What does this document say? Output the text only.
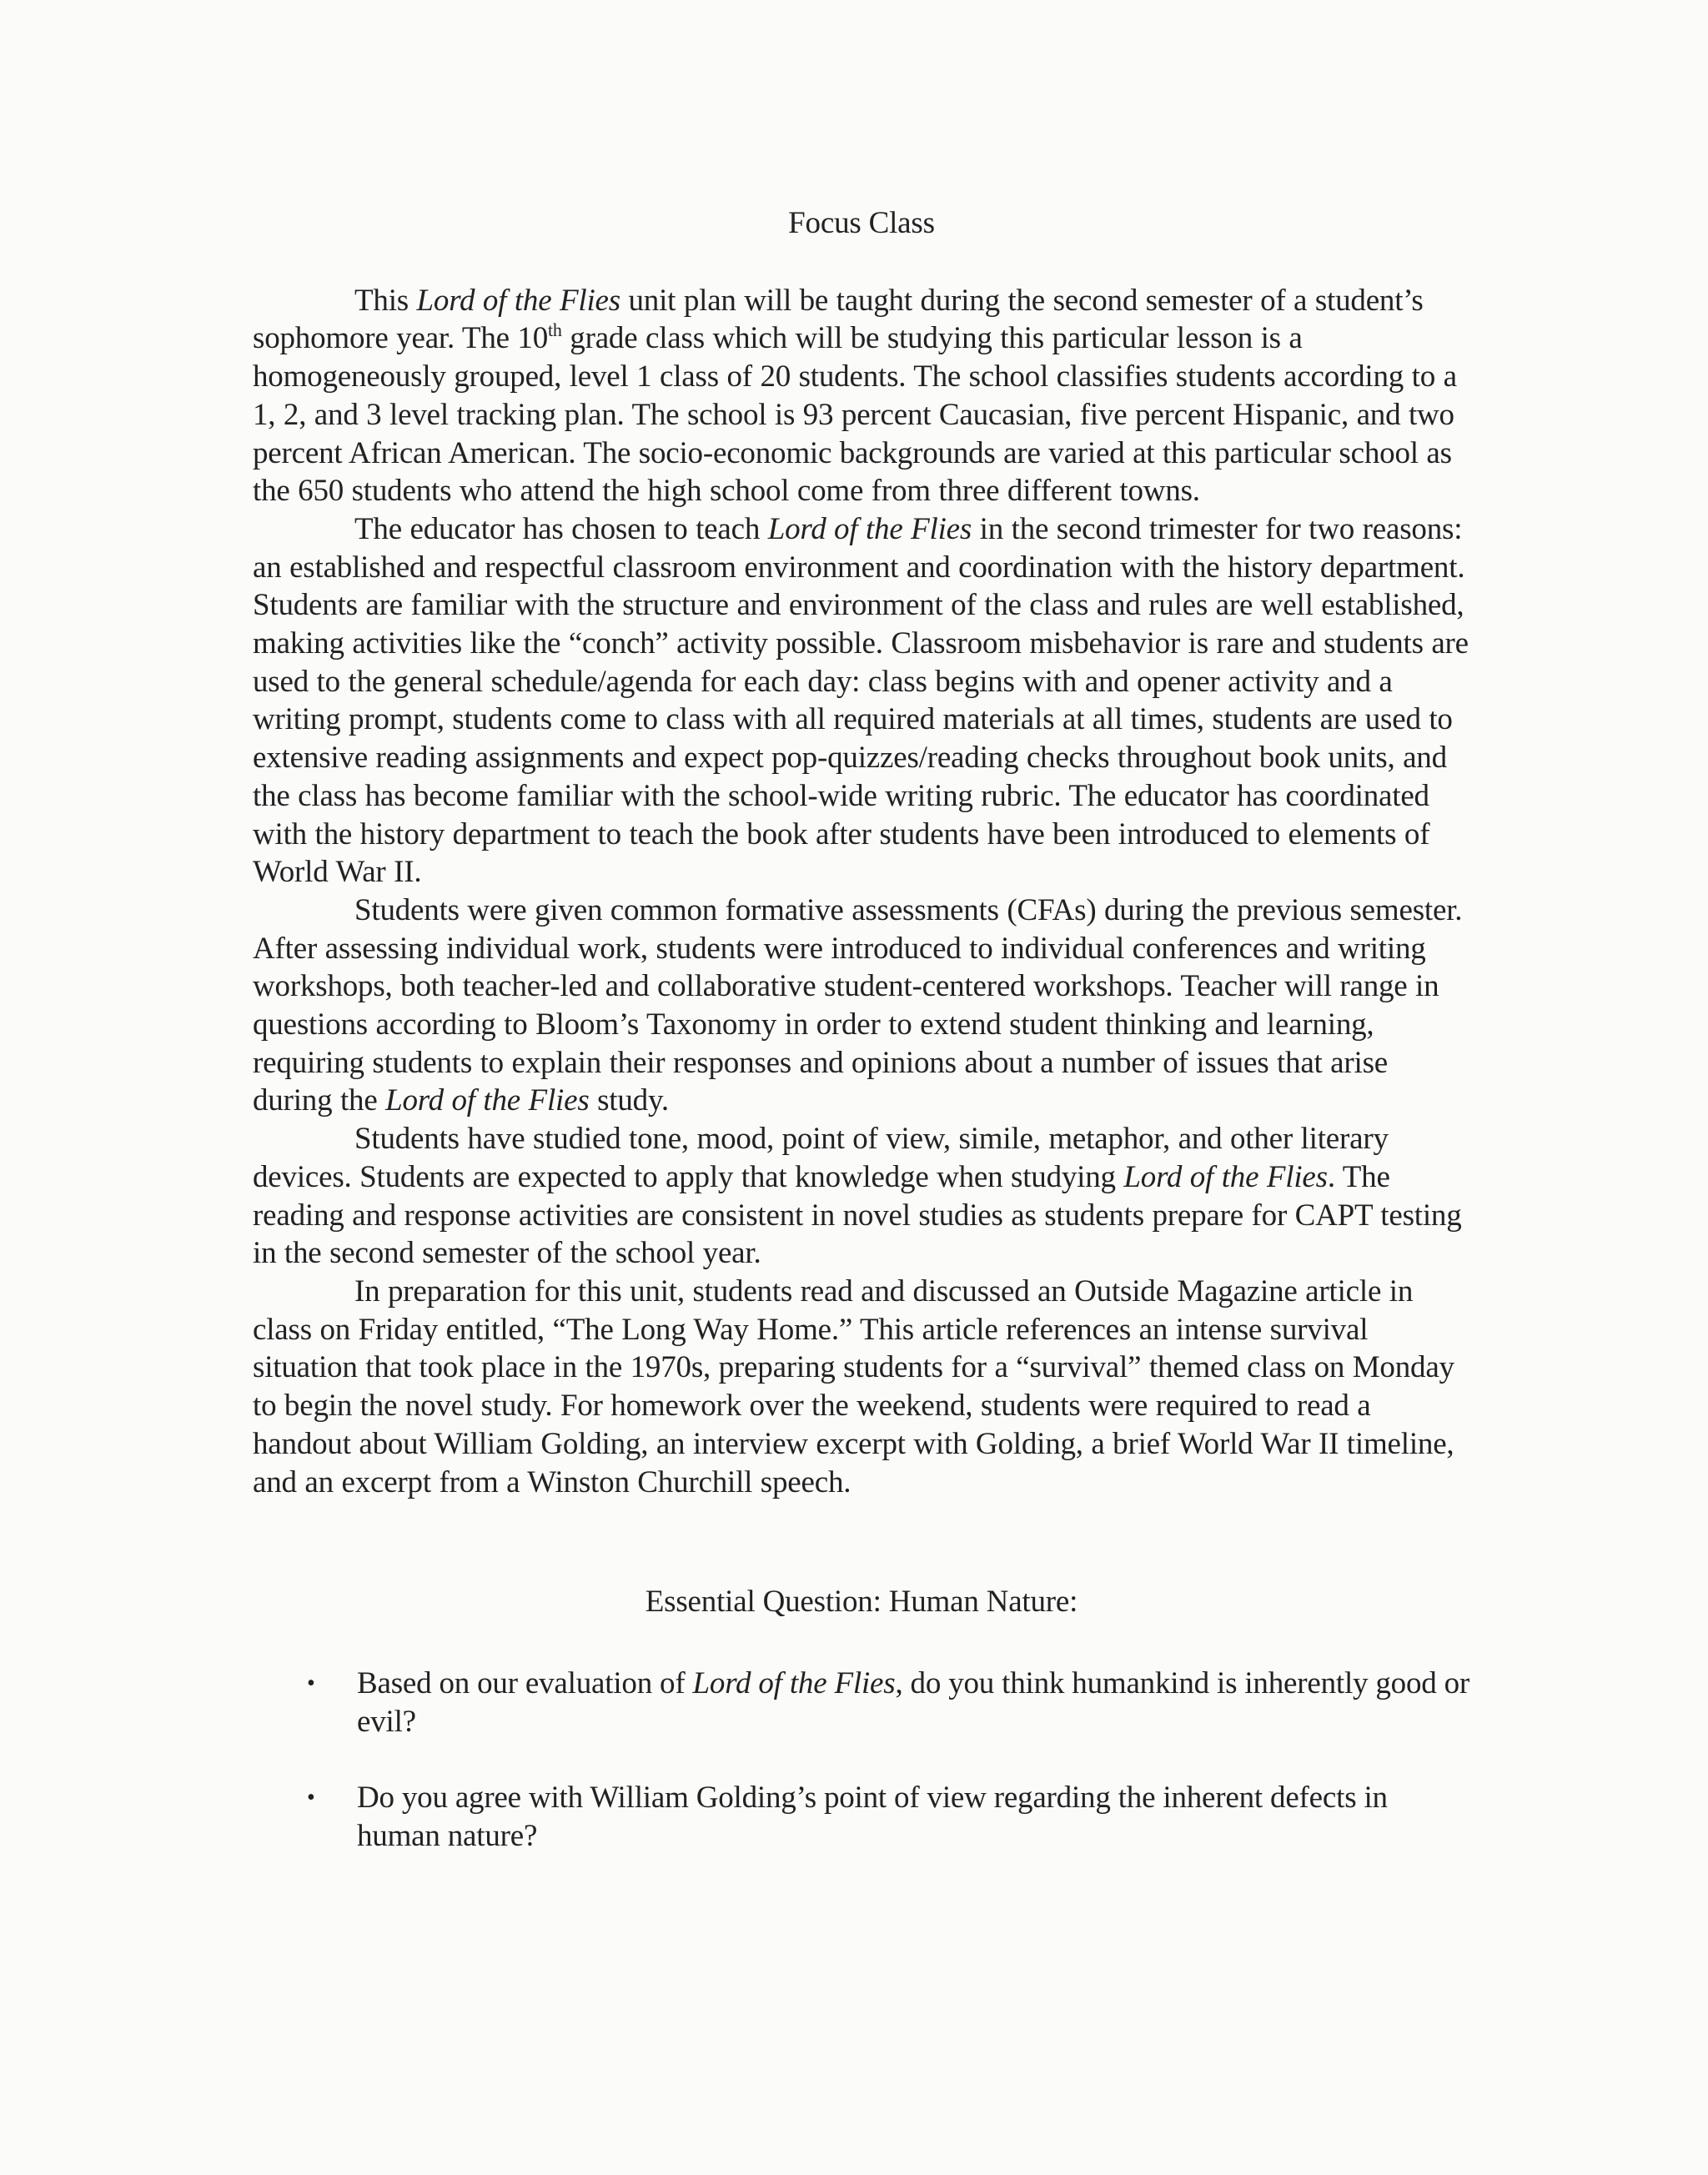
Focus Class

This Lord of the Flies unit plan will be taught during the second semester of a student’s sophomore year. The 10th grade class which will be studying this particular lesson is a homogeneously grouped, level 1 class of 20 students. The school classifies students according to a 1, 2, and 3 level tracking plan. The school is 93 percent Caucasian, five percent Hispanic, and two percent African American. The socio-economic backgrounds are varied at this particular school as the 650 students who attend the high school come from three different towns.

The educator has chosen to teach Lord of the Flies in the second trimester for two reasons: an established and respectful classroom environment and coordination with the history department. Students are familiar with the structure and environment of the class and rules are well established, making activities like the “conch” activity possible. Classroom misbehavior is rare and students are used to the general schedule/agenda for each day: class begins with and opener activity and a writing prompt, students come to class with all required materials at all times, students are used to extensive reading assignments and expect pop-quizzes/reading checks throughout book units, and the class has become familiar with the school-wide writing rubric. The educator has coordinated with the history department to teach the book after students have been introduced to elements of World War II.

Students were given common formative assessments (CFAs) during the previous semester. After assessing individual work, students were introduced to individual conferences and writing workshops, both teacher-led and collaborative student-centered workshops. Teacher will range in questions according to Bloom’s Taxonomy in order to extend student thinking and learning, requiring students to explain their responses and opinions about a number of issues that arise during the Lord of the Flies study.

Students have studied tone, mood, point of view, simile, metaphor, and other literary devices. Students are expected to apply that knowledge when studying Lord of the Flies. The reading and response activities are consistent in novel studies as students prepare for CAPT testing in the second semester of the school year.

In preparation for this unit, students read and discussed an Outside Magazine article in class on Friday entitled, “The Long Way Home.” This article references an intense survival situation that took place in the 1970s, preparing students for a “survival” themed class on Monday to begin the novel study. For homework over the weekend, students were required to read a handout about William Golding, an interview excerpt with Golding, a brief World War II timeline, and an excerpt from a Winston Churchill speech.

Essential Question: Human Nature:
• Based on our evaluation of Lord of the Flies, do you think humankind is inherently good or evil?
• Do you agree with William Golding’s point of view regarding the inherent defects in human nature?
